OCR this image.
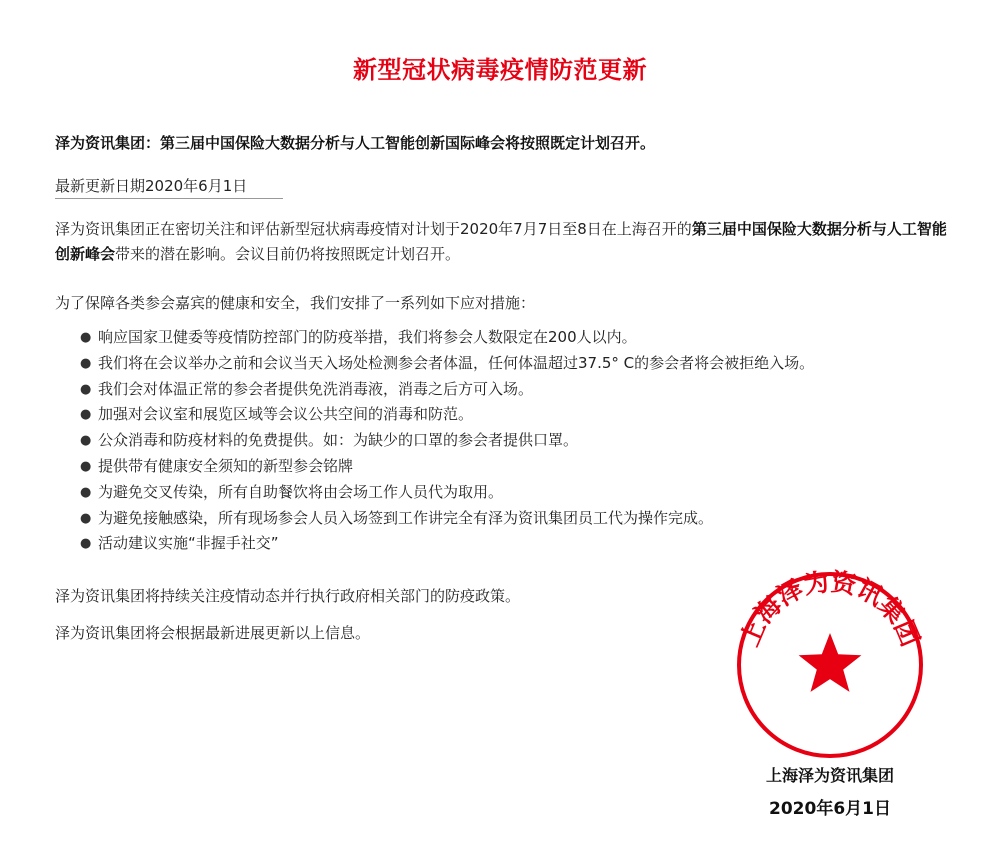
新型冠状病毒疫情防范更新
泽为资讯集团：第三届中国保险大数据分析与人工智能创新国际峰会将按照既定计划召开。
最新更新日期2020年6月1日
泽为资讯集团正在密切关注和评估新型冠状病毒疫情对计划于2020年7月7日至8日在上海召开的第三届中国保险大数据分析与人工智能创新峰会带来的潜在影响。会议目前仍将按照既定计划召开。
为了保障各类参会嘉宾的健康和安全，我们安排了一系列如下应对措施：
● 响应国家卫健委等疫情防控部门的防疫举措，我们将参会人数限定在200人以内。
● 我们将在会议举办之前和会议当天入场处检测参会者体温，任何体温超过37.5° C的参会者将会被拒绝入场。
● 我们会对体温正常的参会者提供免洗消毒液，消毒之后方可入场。
● 加强对会议室和展览区域等会议公共空间的消毒和防范。
● 公众消毒和防疫材料的免费提供。如：为缺少的口罩的参会者提供口罩。
● 提供带有健康安全须知的新型参会铭牌
● 为避免交叉传染，所有自助餐饮将由会场工作人员代为取用。
● 为避免接触感染，所有现场参会人员入场签到工作讲完全有泽为资讯集团员工代为操作完成。
● 活动建议实施“非握手社交”
泽为资讯集团将持续关注疫情动态并行执行政府相关部门的防疫政策。
泽为资讯集团将会根据最新进展更新以上信息。	上海泽为资讯集团
上海泽为资讯集团
2020年6月1日
